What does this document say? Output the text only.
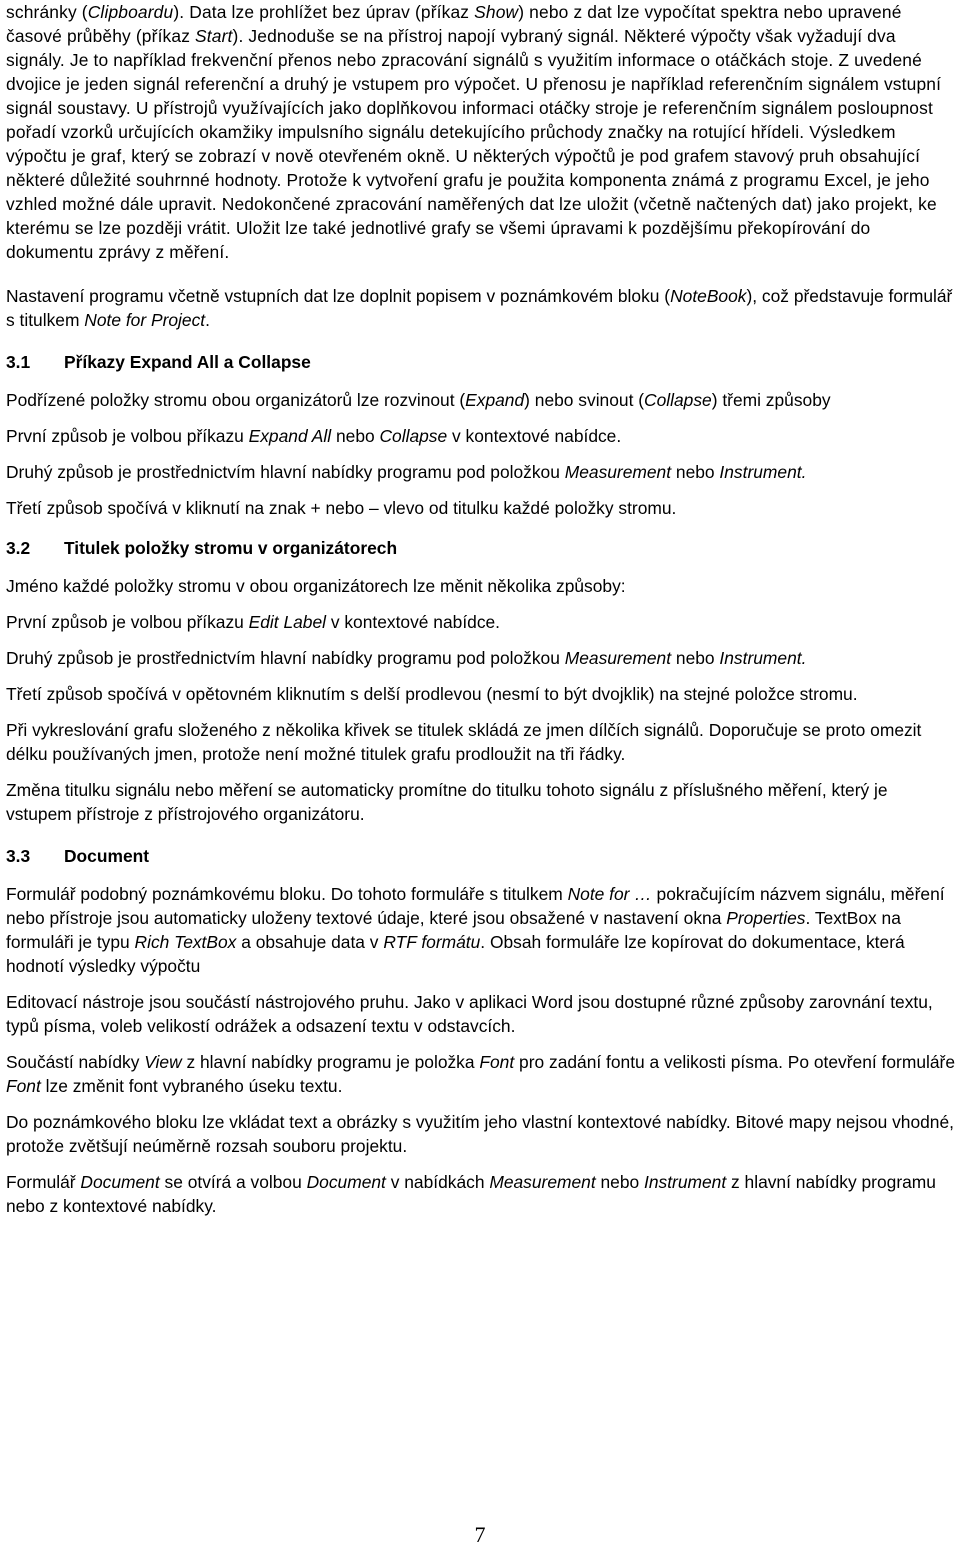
schránky (Clipboardu). Data lze prohlížet bez úprav (příkaz Show) nebo z dat lze vypočítat spektra nebo upravené časové průběhy (příkaz Start). Jednoduše se na přístroj napojí vybraný signál. Některé výpočty však vyžadují dva signály. Je to například frekvenční přenos nebo zpracování signálů s využitím informace o otáčkách stoje. Z uvedené dvojice je jeden signál referenční a druhý je vstupem pro výpočet. U přenosu je například referenčním signálem vstupní signál soustavy. U přístrojů využívajících jako doplňkovou informaci otáčky stroje je referenčním signálem posloupnost pořadí vzorků určujících okamžiky impulsního signálu detekujícího průchody značky na rotující hřídeli. Výsledkem výpočtu je graf, který se zobrazí v nově otevřeném okně. U některých výpočtů je pod grafem stavový pruh obsahující některé důležité souhrnné hodnoty. Protože k vytvoření grafu je použita komponenta známá z programu Excel, je jeho vzhled možné dále upravit. Nedokončené zpracování naměřených dat lze uložit (včetně načtených dat) jako projekt, ke kterému se lze později vrátit. Uložit lze také jednotlivé grafy se všemi úpravami k pozdějšímu překopírování do dokumentu zprávy z měření.

Nastavení programu včetně vstupních dat lze doplnit popisem v poznámkovém bloku (NoteBook), což představuje formulář s titulkem Note for Project.

3.1 Příkazy Expand All a Collapse

Podřízené položky stromu obou organizátorů lze rozvinout (Expand) nebo svinout (Collapse) třemi způsoby

První způsob je volbou příkazu Expand All nebo Collapse v kontextové nabídce.

Druhý způsob je prostřednictvím hlavní nabídky programu pod položkou Measurement nebo Instrument.

Třetí způsob spočívá v kliknutí na znak + nebo – vlevo od titulku každé položky stromu.

3.2 Titulek položky stromu v organizátorech

Jméno každé položky stromu v obou organizátorech lze měnit několika způsoby:

První způsob je volbou příkazu Edit Label v kontextové nabídce.

Druhý způsob je prostřednictvím hlavní nabídky programu pod položkou Measurement nebo Instrument.

Třetí způsob spočívá v opětovném kliknutím s delší prodlevou (nesmí to být dvojklik) na stejné položce stromu.

Při vykreslování grafu složeného z několika křivek se titulek skládá ze jmen dílčích signálů. Doporučuje se proto omezit délku používaných jmen, protože není možné titulek grafu prodloužit na tři řádky.

Změna titulku signálu nebo měření se automaticky promítne do titulku tohoto signálu z příslušného měření, který je vstupem přístroje z přístrojového organizátoru.

3.3 Document

Formulář podobný poznámkovému bloku. Do tohoto formuláře s titulkem Note for … pokračujícím názvem signálu, měření nebo přístroje jsou automaticky uloženy textové údaje, které jsou obsažené v nastavení okna Properties. TextBox na formuláři je typu Rich TextBox a obsahuje data v RTF formátu. Obsah formuláře lze kopírovat do dokumentace, která hodnotí výsledky výpočtu

Editovací nástroje jsou součástí nástrojového pruhu. Jako v aplikaci Word jsou dostupné různé způsoby zarovnání textu, typů písma, voleb velikostí odrážek a odsazení textu v odstavcích.

Součástí nabídky View z hlavní nabídky programu je položka Font pro zadání fontu a velikosti písma. Po otevření formuláře Font lze změnit font vybraného úseku textu.

Do poznámkového bloku lze vkládat text a obrázky s využitím jeho vlastní kontextové nabídky. Bitové mapy nejsou vhodné, protože zvětšují neúměrně rozsah souboru projektu.

Formulář Document se otvírá a volbou Document v nabídkách Measurement nebo Instrument z hlavní nabídky programu nebo z kontextové nabídky.

7
